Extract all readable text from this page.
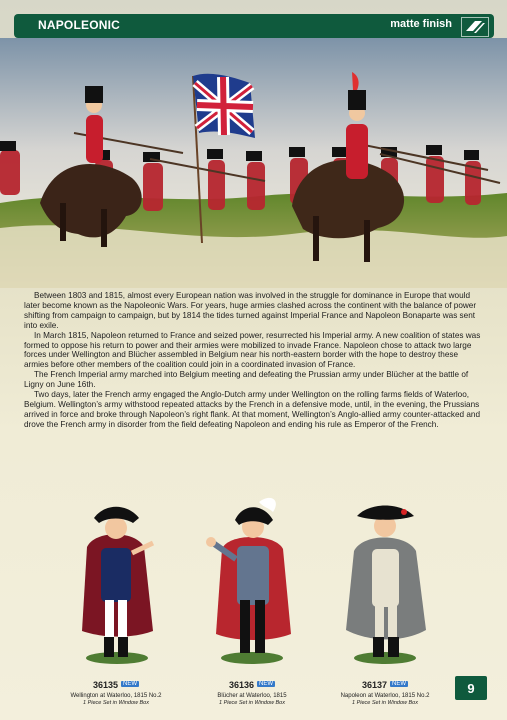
NAPOLEONIC	matte finish

Between 1803 and 1815, almost every European nation was involved in the struggle for dominance in Europe that would later become known as the Napoleonic Wars. For years, huge armies clashed across the continent with the balance of power shifting from campaign to campaign, but by 1814 the tides turned against Imperial France and Napoleon Bonaparte was sent into exile.

In March 1815, Napoleon returned to France and seized power, resurrected his Imperial army. A new coalition of states was formed to oppose his return to power and their armies were mobilized to invade France. Napoleon chose to attack two large forces under Wellington and Blücher assembled in Belgium near his north-eastern border with the hope to destroy these armies before other members of the coalition could join in a coordinated invasion of France.

The French Imperial army marched into Belgium meeting and defeating the Prussian army under Blücher at the battle of Ligny on June 16th.

Two days, later the French army engaged the Anglo-Dutch army under Wellington on the rolling farms fields of Waterloo, Belgium. Wellington’s army withstood repeated attacks by the French in a defensive mode, until, in the evening, the Prussians arrived in force and broke through Napoleon’s right flank. At that moment, Wellington’s Anglo-allied army counter-attacked and drove the French army in disorder from the field defeating Napoleon and ending his rule as Emperor of the French.

36135 NEW
Wellington at Waterloo, 1815 No.2
1 Piece Set in Window Box
36136 NEW
Blücher at Waterloo, 1815
1 Piece Set in Window Box
36137 NEW
Napoleon at Waterloo, 1815 No.2
1 Piece Set in Window Box
9
